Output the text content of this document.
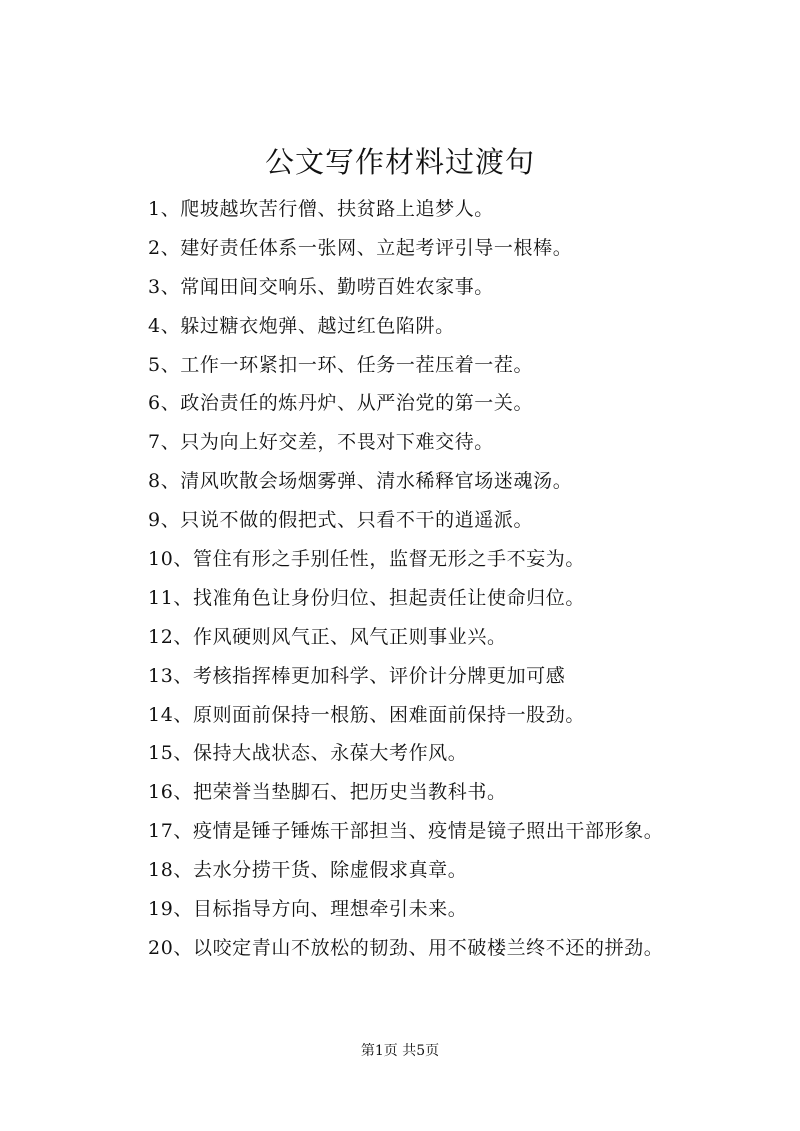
公文写作材料过渡句
1、爬坡越坎苦行僧、扶贫路上追梦人。
2、建好责任体系一张网、立起考评引导一根棒。
3、常闻田间交响乐、勤唠百姓农家事。
4、躲过糖衣炮弹、越过红色陷阱。
5、工作一环紧扣一环、任务一茬压着一茬。
6、政治责任的炼丹炉、从严治党的第一关。
7、只为向上好交差，不畏对下难交待。
8、清风吹散会场烟雾弹、清水稀释官场迷魂汤。
9、只说不做的假把式、只看不干的逍遥派。
10、管住有形之手别任性，监督无形之手不妄为。
11、找准角色让身份归位、担起责任让使命归位。
12、作风硬则风气正、风气正则事业兴。
13、考核指挥棒更加科学、评价计分牌更加可感
14、原则面前保持一根筋、困难面前保持一股劲。
15、保持大战状态、永葆大考作风。
16、把荣誉当垫脚石、把历史当教科书。
17、疫情是锤子锤炼干部担当、疫情是镜子照出干部形象。
18、去水分捞干货、除虚假求真章。
19、目标指导方向、理想牵引未来。
20、以咬定青山不放松的韧劲、用不破楼兰终不还的拼劲。
第1页 共5页
